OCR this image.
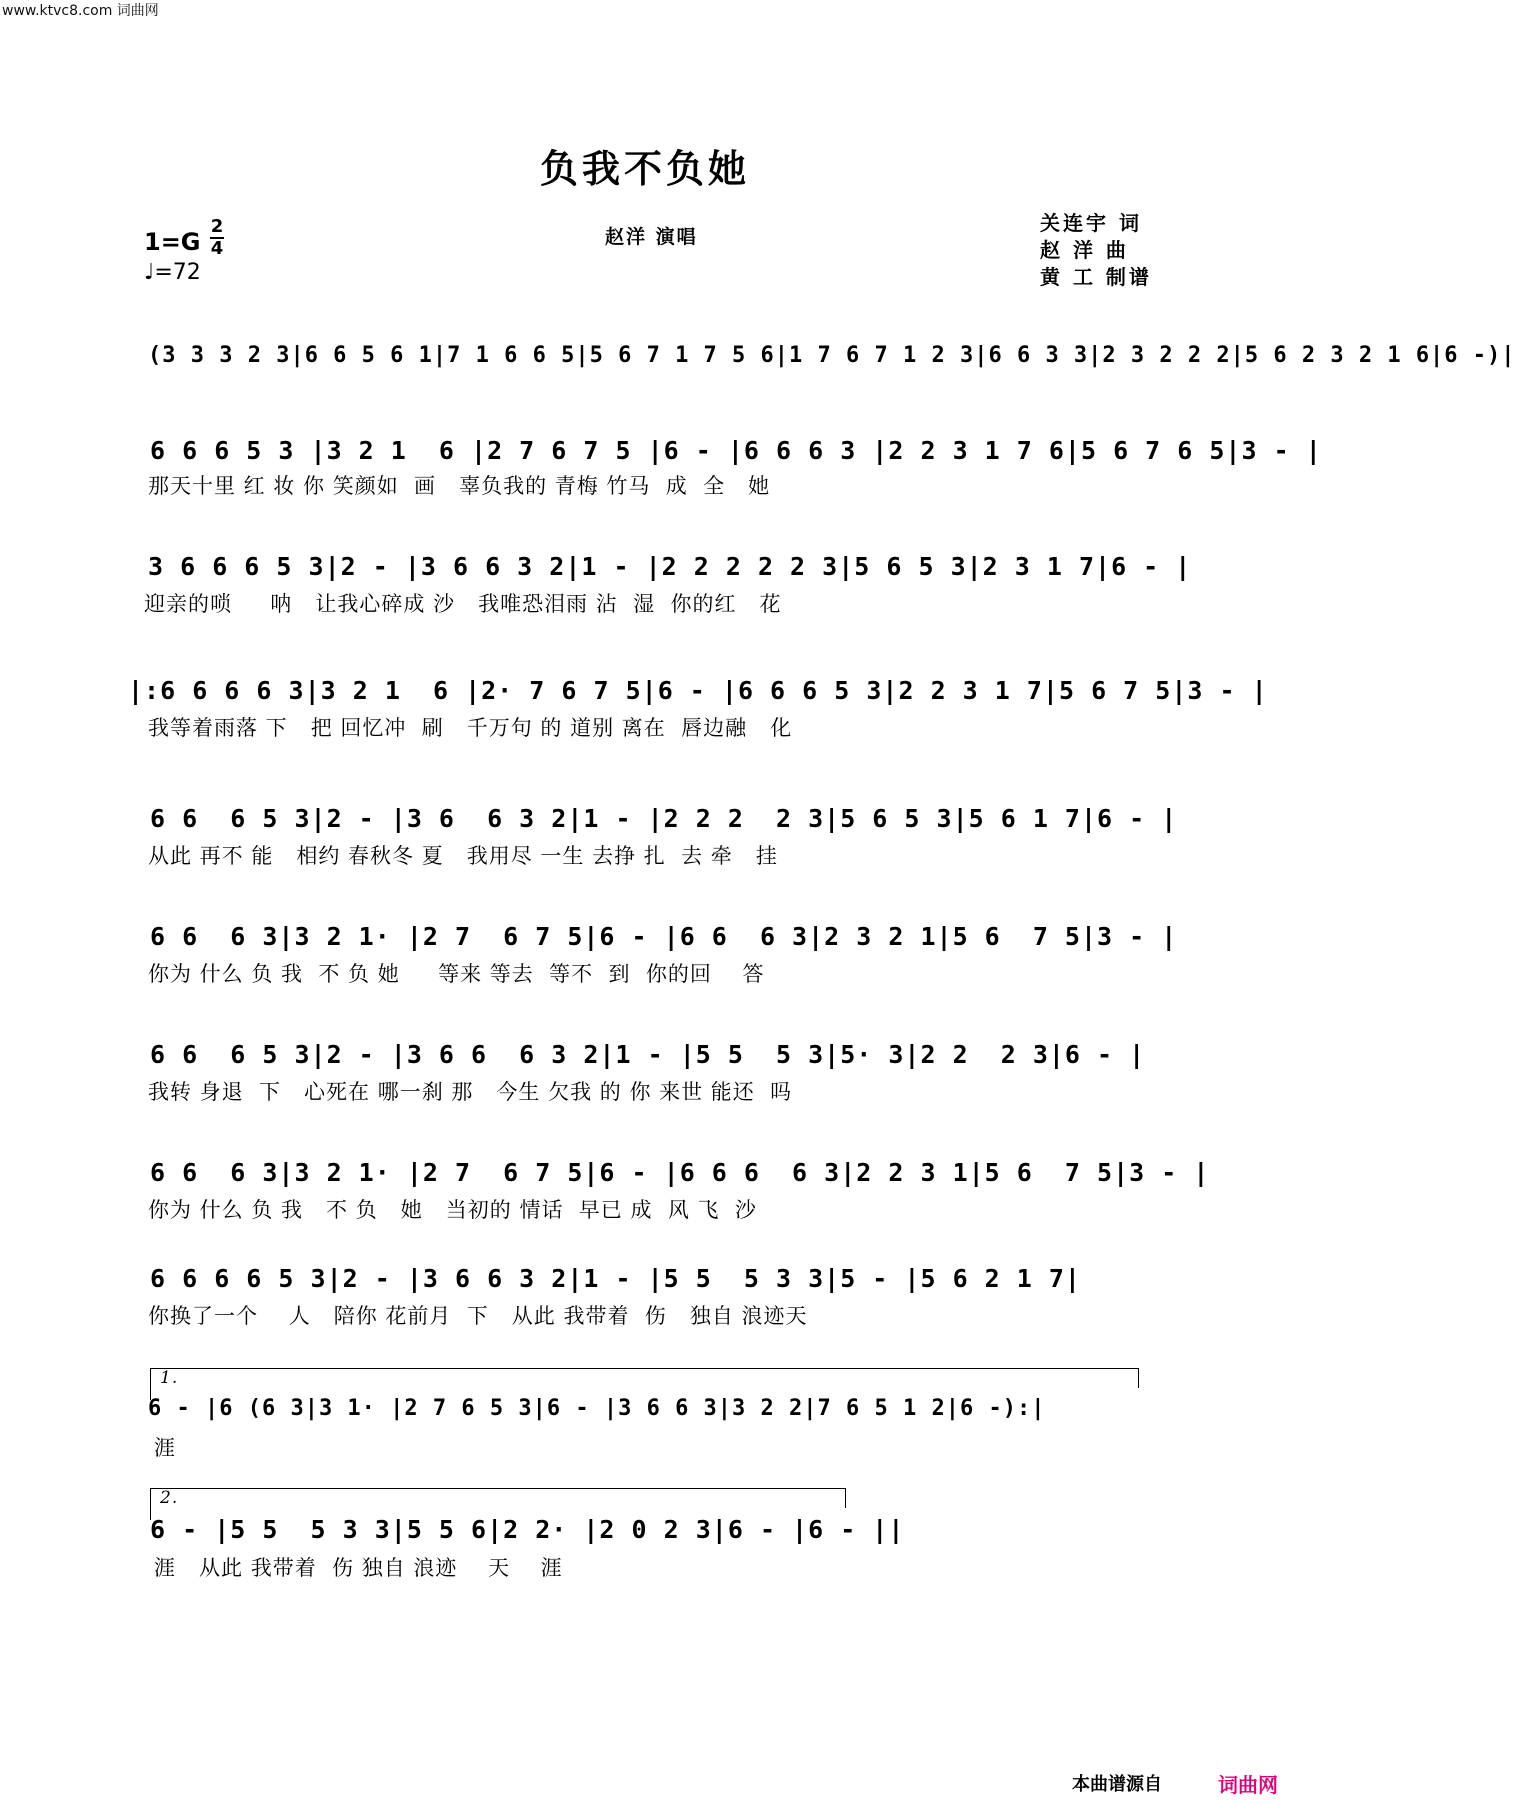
www.ktvc8.com 词曲网
负我不负她
赵洋 演唱
关连宇 词
赵 洋 曲
黄 工 制谱
1=G
2
4
♩=72
(3 3 3 2 3|6 6 5 6 1|7 1 6 6 5|5 6 7 1 7 5 6|1 7 6 7 1 2 3|6 6 3 3|2 3 2 2 2|5 6 2 3 2 1 6|6 -)|
6 6 6 5 3 |3 2 1  6 |2 7 6 7 5 |6 - |6 6 6 3 |2 2 3 1 7 6|5 6 7 6 5|3 - |
那天十里 红 妆 你 笑颜如  画   辜负我的 青梅 竹马  成  全   她
3 6 6 6 5 3|2 - |3 6 6 3 2|1 - |2 2 2 2 2 3|5 6 5 3|2 3 1 7|6 - |
迎亲的唢     呐   让我心碎成 沙   我唯恐泪雨 沾  湿  你的红   花
|:6 6 6 6 3|3 2 1  6 |2· 7 6 7 5|6 - |6 6 6 5 3|2 2 3 1 7|5 6 7 5|3 - |
我等着雨落 下   把 回忆冲  刷   千万句 的 道别 离在  唇边融   化
6 6  6 5 3|2 - |3 6  6 3 2|1 - |2 2 2  2 3|5 6 5 3|5 6 1 7|6 - |
从此 再不 能   相约 春秋冬 夏   我用尽 一生 去挣 扎  去 牵   挂
6 6  6 3|3 2 1· |2 7  6 7 5|6 - |6 6  6 3|2 3 2 1|5 6  7 5|3 - |
你为 什么 负 我  不 负 她     等来 等去  等不  到  你的回    答
6 6  6 5 3|2 - |3 6 6  6 3 2|1 - |5 5  5 3|5· 3|2 2  2 3|6 - |
我转 身退  下   心死在 哪一刹 那   今生 欠我 的 你 来世 能还  吗
6 6  6 3|3 2 1· |2 7  6 7 5|6 - |6 6 6  6 3|2 2 3 1|5 6  7 5|3 - |
你为 什么 负 我   不 负   她   当初的 情话  早已 成  风 飞  沙
6 6 6 6 5 3|2 - |3 6 6 3 2|1 - |5 5  5 3 3|5 - |5 6 2 1 7|
你换了一个    人   陪你 花前月  下   从此 我带着  伤   独自 浪迹天
1.
6 - |6 (6 3|3 1· |2 7 6 5 3|6 - |3 6 6 3|3 2 2|7 6 5 1 2|6 -):|
涯
2.
6 - |5 5  5 3 3|5 5 6|2 2· |2 0 2 3|6 - |6 - ||
涯   从此 我带着  伤 独自 浪迹    天    涯
本曲谱源自	词曲网
